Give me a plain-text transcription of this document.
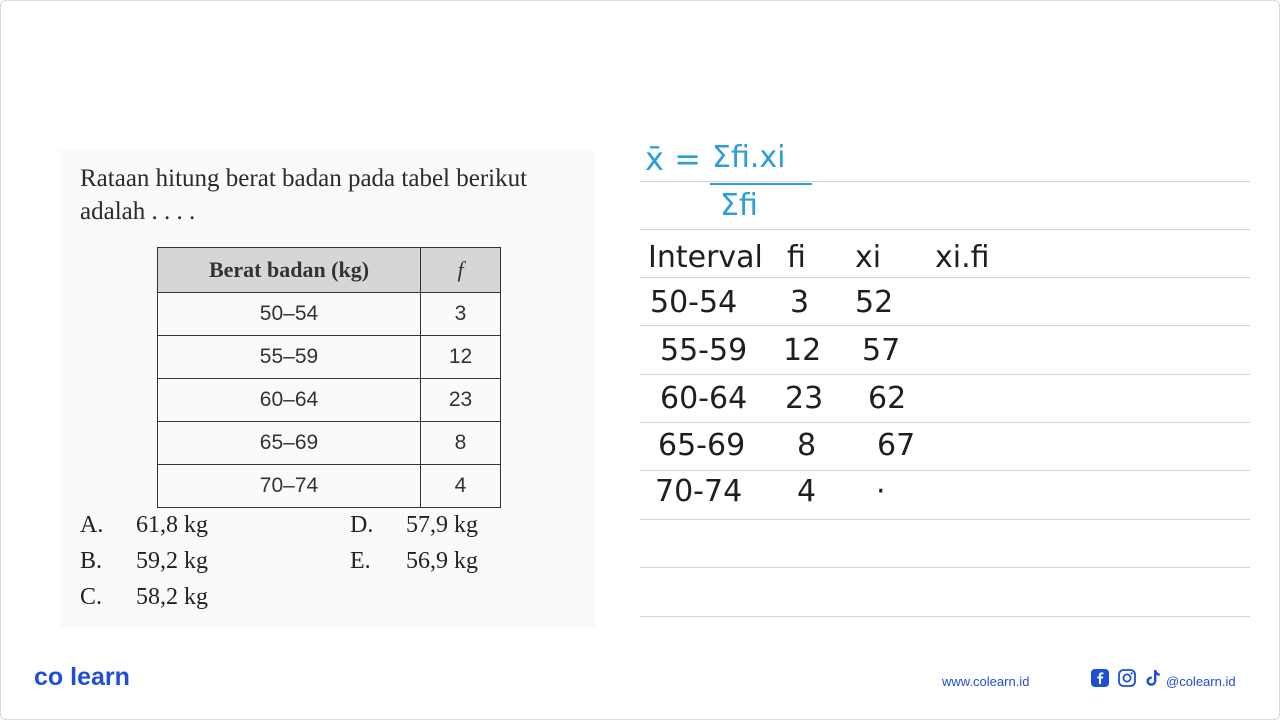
Rataan hitung berat badan pada tabel berikut adalah . . . .
Berat badan (kg)	f
50–54	3
55–59	12
60–64	23
65–69	8
70–74	4
A. 61,8 kg
B. 59,2 kg
C. 58,2 kg
D. 57,9 kg
E. 56,9 kg
x̄ = Σfi.xi
Σfi
Interval fi xi xi.fi
50-54 3 52
55-59 12 57
60-64 23 62
65-69 8 67
70-74 4 ·
co learn	www.colearn.id	@colearn.id
